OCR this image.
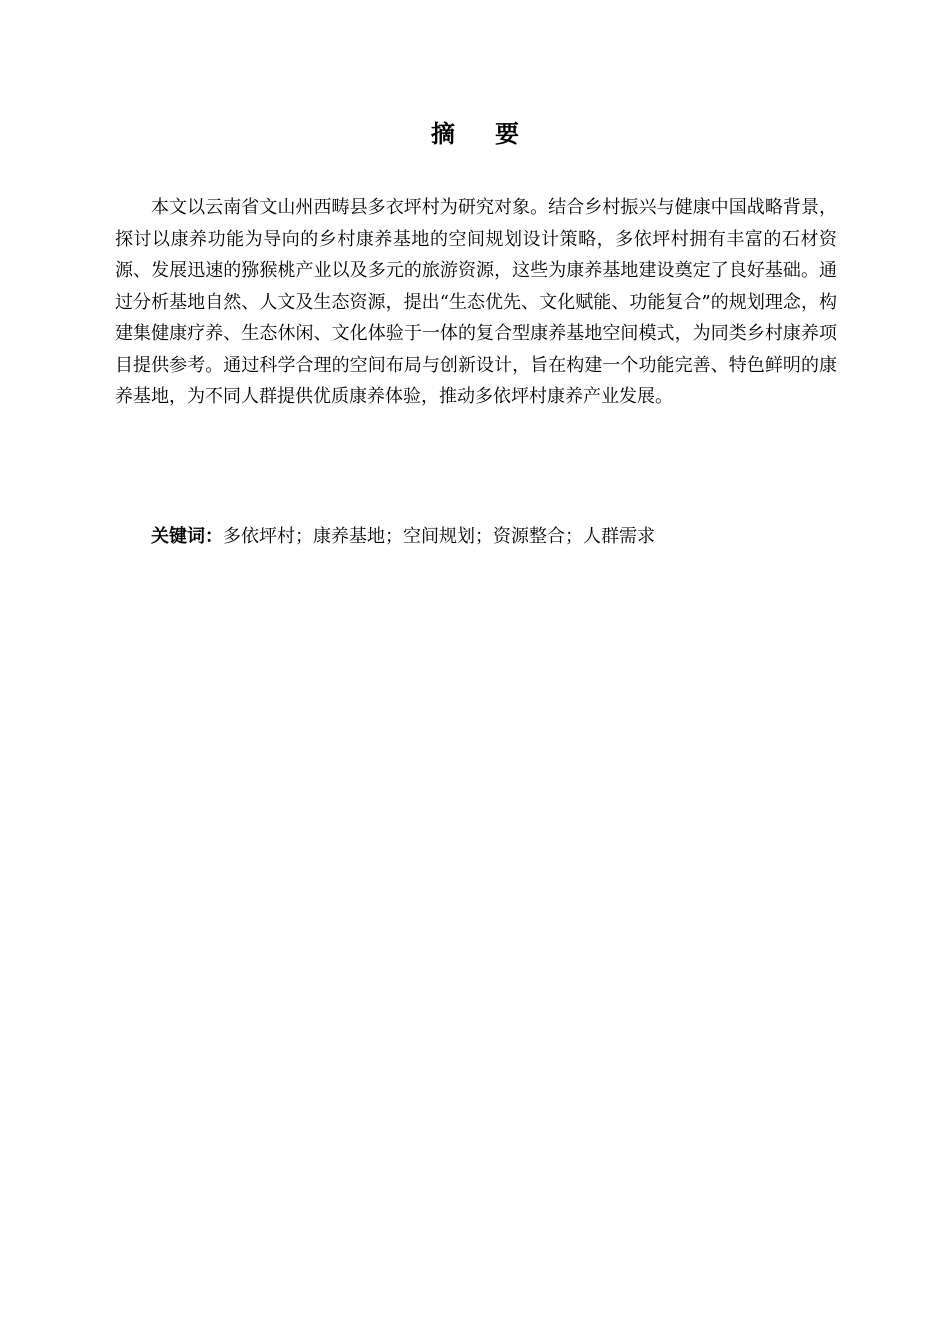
摘要

本文以云南省文山州西畴县多衣坪村为研究对象。结合乡村振兴与健康中国战略背景，探讨以康养功能为导向的乡村康养基地的空间规划设计策略，多依坪村拥有丰富的石材资源、发展迅速的猕猴桃产业以及多元的旅游资源，这些为康养基地建设奠定了良好基础。通过分析基地自然、人文及生态资源，提出“生态优先、文化赋能、功能复合”的规划理念，构建集健康疗养、生态休闲、文化体验于一体的复合型康养基地空间模式，为同类乡村康养项目提供参考。通过科学合理的空间布局与创新设计，旨在构建一个功能完善、特色鲜明的康养基地，为不同人群提供优质康养体验，推动多依坪村康养产业发展。

关键词：多依坪村；康养基地；空间规划；资源整合；人群需求
